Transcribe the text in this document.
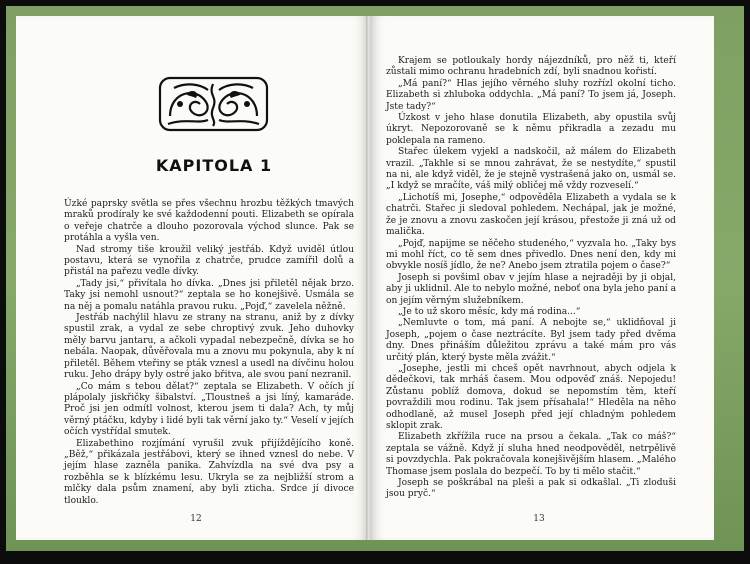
KAPITOLA 1

Úzké paprsky světla se přes všechnu hrozbu těžkých tmavých mraků prodíraly ke své každodenní pouti. Elizabeth se opírala o veřeje chatrče a dlouho pozorovala východ slunce. Pak se protáhla a vyšla ven.

Nad stromy tiše kroužil veliký jestřáb. Když uviděl útlou postavu, která se vynořila z chatrče, prudce zamířil dolů a přistál na pařezu vedle dívky.

„Tady jsi,“ přivítala ho dívka. „Dnes jsi přiletěl nějak brzo. Taky jsi nemohl usnout?“ zeptala se ho konejšivě. Usmála se na něj a pomalu natáhla pravou ruku. „Pojď,“ zavelela něžně.

Jestřáb nachýlil hlavu ze strany na stranu, aniž by z dívky spustil zrak, a vydal ze sebe chroptivý zvuk. Jeho duhovky měly barvu jantaru, a ačkoli vypadal nebezpečně, dívka se ho nebála. Naopak, důvěřovala mu a znovu mu pokynula, aby k ní přiletěl. Během vteřiny se pták vznesl a usedl na dívčinu holou ruku. Jeho drápy byly ostré jako břitva, ale svou paní nezranil.

„Co mám s tebou dělat?“ zeptala se Elizabeth. V očích jí plápolaly jiskřičky šibalství. „Tloustneš a jsi líný, kamaráde. Proč jsi jen odmítl volnost, kterou jsem ti dala? Ach, ty můj věrný ptáčku, kdyby i lidé byli tak věrní jako ty.“ Veselí v jejích očích vystřídal smutek.

Elizabethino rozjímání vyrušil zvuk přijíždějícího koně. „Běž,“ přikázala jestřábovi, který se ihned vznesl do nebe. V jejím hlase zazněla panika. Zahvízdla na své dva psy a rozběhla se k blízkému lesu. Ukryla se za nejbližší strom a mlčky dala psům znamení, aby byli zticha. Srdce jí divoce tlouklo.

12

Krajem se potloukaly hordy nájezdníků, pro něž ti, kteří zůstali mimo ochranu hradebních zdí, byli snadnou kořistí.

„Má paní?“ Hlas jejího věrného sluhy rozřízl okolní ticho. Elizabeth si zhluboka oddychla. „Má paní? To jsem já, Joseph. Jste tady?“

Úzkost v jeho hlase donutila Elizabeth, aby opustila svůj úkryt. Nepozorovaně se k němu přikradla a zezadu mu poklepala na rameno.

Stařec úlekem vyjekl a nadskočil, až málem do Elizabeth vrazil. „Takhle si se mnou zahrávat, že se nestydíte,“ spustil na ni, ale když viděl, že je stejně vystrašená jako on, usmál se. „I když se mračíte, váš milý obličej mě vždy rozveselí.“

„Lichotíš mi, Josephe,“ odpověděla Elizabeth a vydala se k chatrči. Stařec ji sledoval pohledem. Nechápal, jak je možné, že je znovu a znovu zaskočen její krásou, přestože ji zná už od malička.

„Pojď, napijme se něčeho studeného,“ vyzvala ho. „Taky bys mi mohl říct, co tě sem dnes přivedlo. Dnes není den, kdy mi obvykle nosíš jídlo, že ne? Anebo jsem ztratila pojem o čase?“

Joseph si povšiml obav v jejím hlase a nejraději by ji objal, aby ji uklidnil. Ale to nebylo možné, neboť ona byla jeho paní a on jejím věrným služebníkem.

„Je to už skoro měsíc, kdy má rodina...“

„Nemluvte o tom, má paní. A nebojte se,“ uklidňoval ji Joseph, „pojem o čase neztrácíte. Byl jsem tady před dvěma dny. Dnes přináším důležitou zprávu a také mám pro vás určitý plán, který byste měla zvážit.“

„Josephe, jestli mi chceš opět navrhnout, abych odjela k dědečkovi, tak mrháš časem. Mou odpověď znáš. Nepojedu! Zůstanu poblíž domova, dokud se nepomstím těm, kteří povraždili mou rodinu. Tak jsem přísahala!“ Hleděla na něho odhodlaně, až musel Joseph před její chladným pohledem sklopit zrak.

Elizabeth zkřížila ruce na prsou a čekala. „Tak co máš?“ zeptala se vážně. Když jí sluha hned neodpověděl, netrpělivě si povzdychla. Pak pokračovala konejšivějším hlasem. „Malého Thomase jsem poslala do bezpečí. To by ti mělo stačit.“

Joseph se poškrábal na pleši a pak si odkašlal. „Ti zloduši jsou pryč.“

13
